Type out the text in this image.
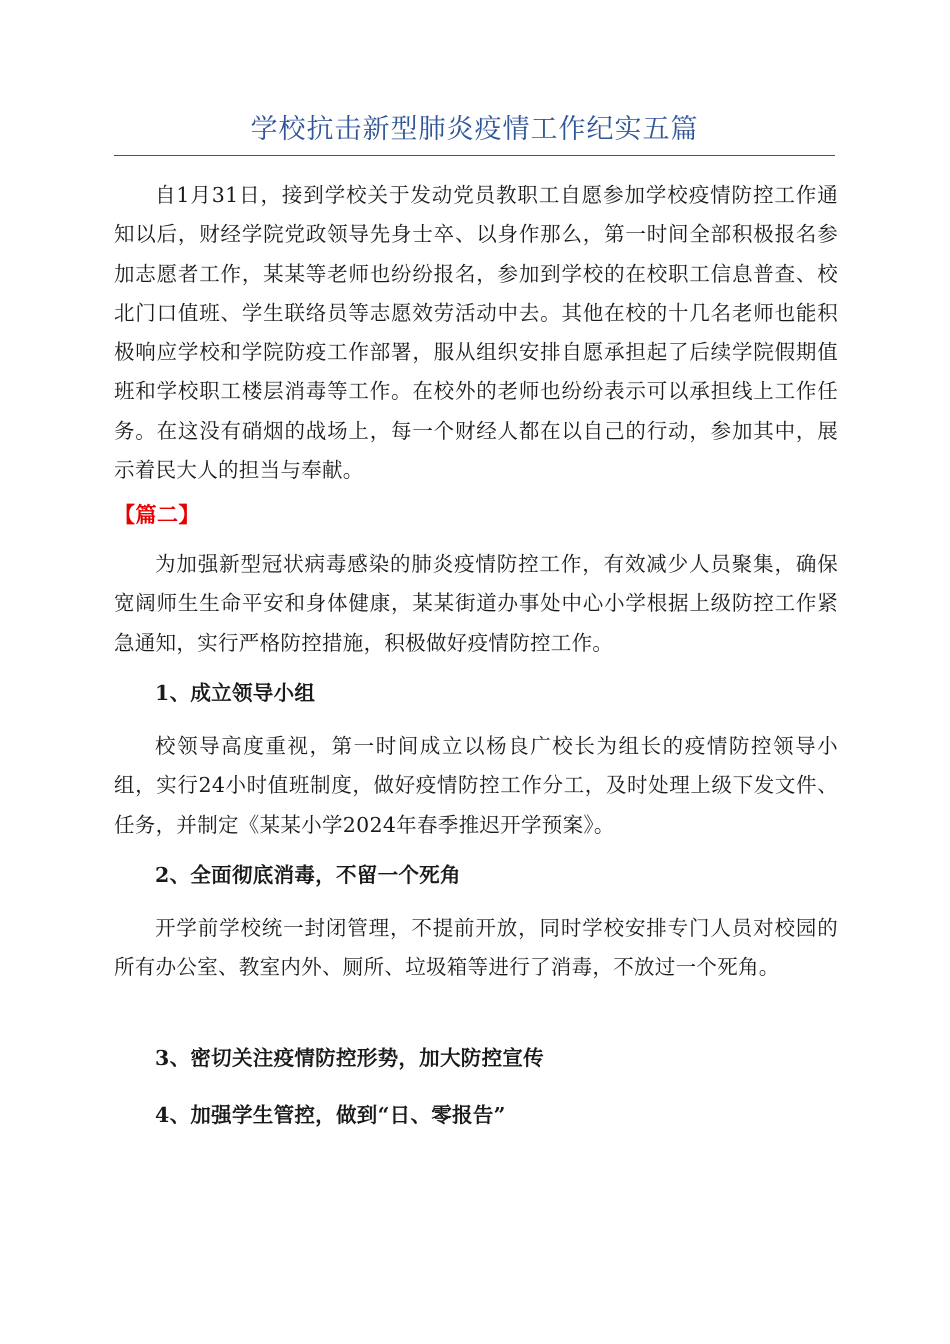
学校抗击新型肺炎疫情工作纪实五篇

自1月31日，接到学校关于发动党员教职工自愿参加学校疫情防控工作通知以后，财经学院党政领导先身士卒、以身作那么，第一时间全部积极报名参加志愿者工作，某某等老师也纷纷报名，参加到学校的在校职工信息普查、校北门口值班、学生联络员等志愿效劳活动中去。其他在校的十几名老师也能积极响应学校和学院防疫工作部署，服从组织安排自愿承担起了后续学院假期值班和学校职工楼层消毒等工作。在校外的老师也纷纷表示可以承担线上工作任务。在这没有硝烟的战场上，每一个财经人都在以自己的行动，参加其中，展示着民大人的担当与奉献。

【篇二】

为加强新型冠状病毒感染的肺炎疫情防控工作，有效减少人员聚集，确保宽阔师生生命平安和身体健康，某某街道办事处中心小学根据上级防控工作紧急通知，实行严格防控措施，积极做好疫情防控工作。

1、成立领导小组

校领导高度重视，第一时间成立以杨良广校长为组长的疫情防控领导小组，实行24小时值班制度，做好疫情防控工作分工，及时处理上级下发文件、任务，并制定《某某小学2024年春季推迟开学预案》。

2、全面彻底消毒，不留一个死角

开学前学校统一封闭管理，不提前开放，同时学校安排专门人员对校园的所有办公室、教室内外、厕所、垃圾箱等进行了消毒，不放过一个死角。

3、密切关注疫情防控形势，加大防控宣传
4、加强学生管控，做到“日、零报告”
